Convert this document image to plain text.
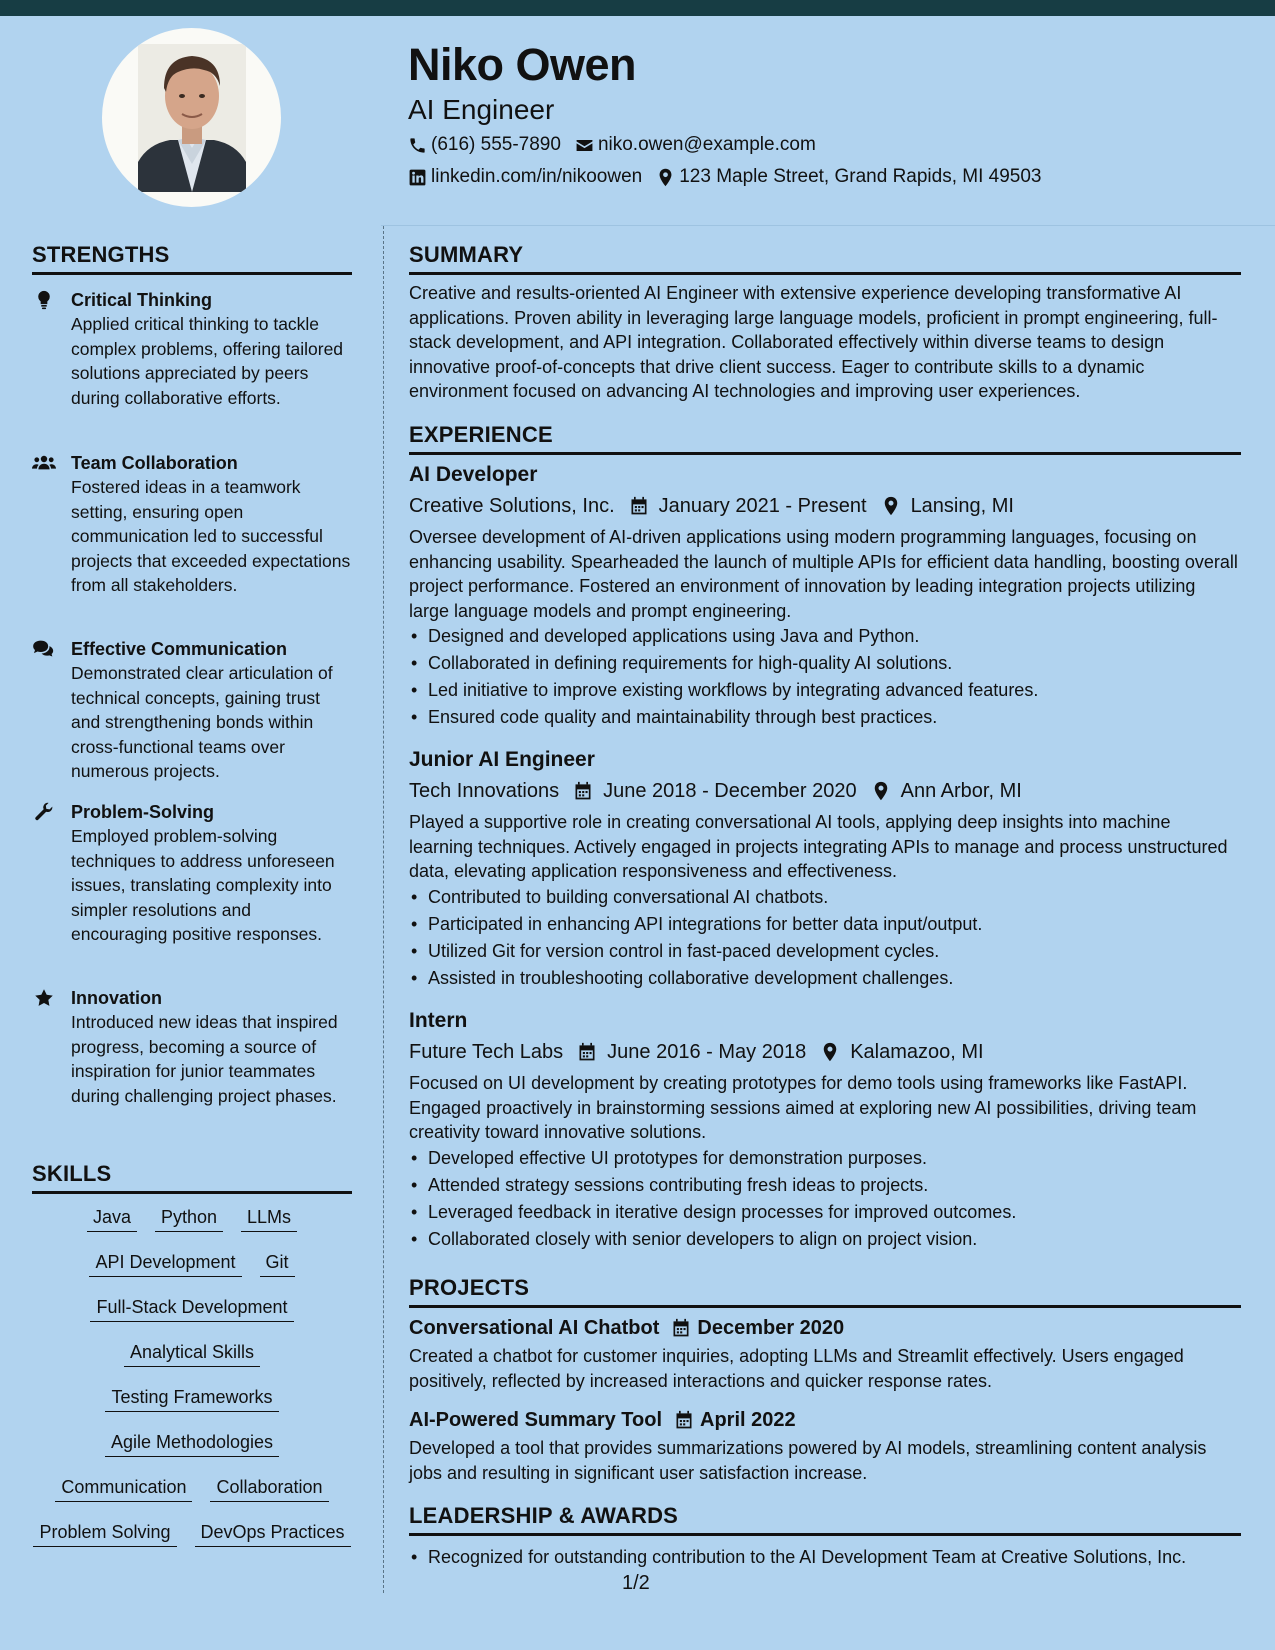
Niko Owen
AI Engineer
(616) 555-7890 niko.owen@example.com
linkedin.com/in/nikoowen 123 Maple Street, Grand Rapids, MI 49503
STRENGTHS
Critical Thinking
Applied critical thinking to tackle complex problems, offering tailored solutions appreciated by peers during collaborative efforts.
Team Collaboration
Fostered ideas in a teamwork setting, ensuring open communication led to successful projects that exceeded expectations from all stakeholders.
Effective Communication
Demonstrated clear articulation of technical concepts, gaining trust and strengthening bonds within cross-functional teams over numerous projects.
Problem-Solving
Employed problem-solving techniques to address unforeseen issues, translating complexity into simpler resolutions and encouraging positive responses.
Innovation
Introduced new ideas that inspired progress, becoming a source of inspiration for junior teammates during challenging project phases.
SKILLS
Java	Python	LLMs
API Development	Git
Full-Stack Development
Analytical Skills
Testing Frameworks
Agile Methodologies
Communication	Collaboration
Problem Solving	DevOps Practices
SUMMARY
Creative and results-oriented AI Engineer with extensive experience developing transformative AI applications. Proven ability in leveraging large language models, proficient in prompt engineering, full-stack development, and API integration. Collaborated effectively within diverse teams to design innovative proof-of-concepts that drive client success. Eager to contribute skills to a dynamic environment focused on advancing AI technologies and improving user experiences.
EXPERIENCE
AI Developer
Creative Solutions, Inc. January 2021 - Present Lansing, MI
Oversee development of AI-driven applications using modern programming languages, focusing on enhancing usability. Spearheaded the launch of multiple APIs for efficient data handling, boosting overall project performance. Fostered an environment of innovation by leading integration projects utilizing large language models and prompt engineering.
• Designed and developed applications using Java and Python.
• Collaborated in defining requirements for high-quality AI solutions.
• Led initiative to improve existing workflows by integrating advanced features.
• Ensured code quality and maintainability through best practices.
Junior AI Engineer
Tech Innovations June 2018 - December 2020 Ann Arbor, MI
Played a supportive role in creating conversational AI tools, applying deep insights into machine learning techniques. Actively engaged in projects integrating APIs to manage and process unstructured data, elevating application responsiveness and effectiveness.
• Contributed to building conversational AI chatbots.
• Participated in enhancing API integrations for better data input/output.
• Utilized Git for version control in fast-paced development cycles.
• Assisted in troubleshooting collaborative development challenges.
Intern
Future Tech Labs June 2016 - May 2018 Kalamazoo, MI
Focused on UI development by creating prototypes for demo tools using frameworks like FastAPI. Engaged proactively in brainstorming sessions aimed at exploring new AI possibilities, driving team creativity toward innovative solutions.
• Developed effective UI prototypes for demonstration purposes.
• Attended strategy sessions contributing fresh ideas to projects.
• Leveraged feedback in iterative design processes for improved outcomes.
• Collaborated closely with senior developers to align on project vision.
PROJECTS
Conversational AI Chatbot December 2020
Created a chatbot for customer inquiries, adopting LLMs and Streamlit effectively. Users engaged positively, reflected by increased interactions and quicker response rates.
AI-Powered Summary Tool April 2022
Developed a tool that provides summarizations powered by AI models, streamlining content analysis jobs and resulting in significant user satisfaction increase.
LEADERSHIP & AWARDS
• Recognized for outstanding contribution to the AI Development Team at Creative Solutions, Inc.
1/2
